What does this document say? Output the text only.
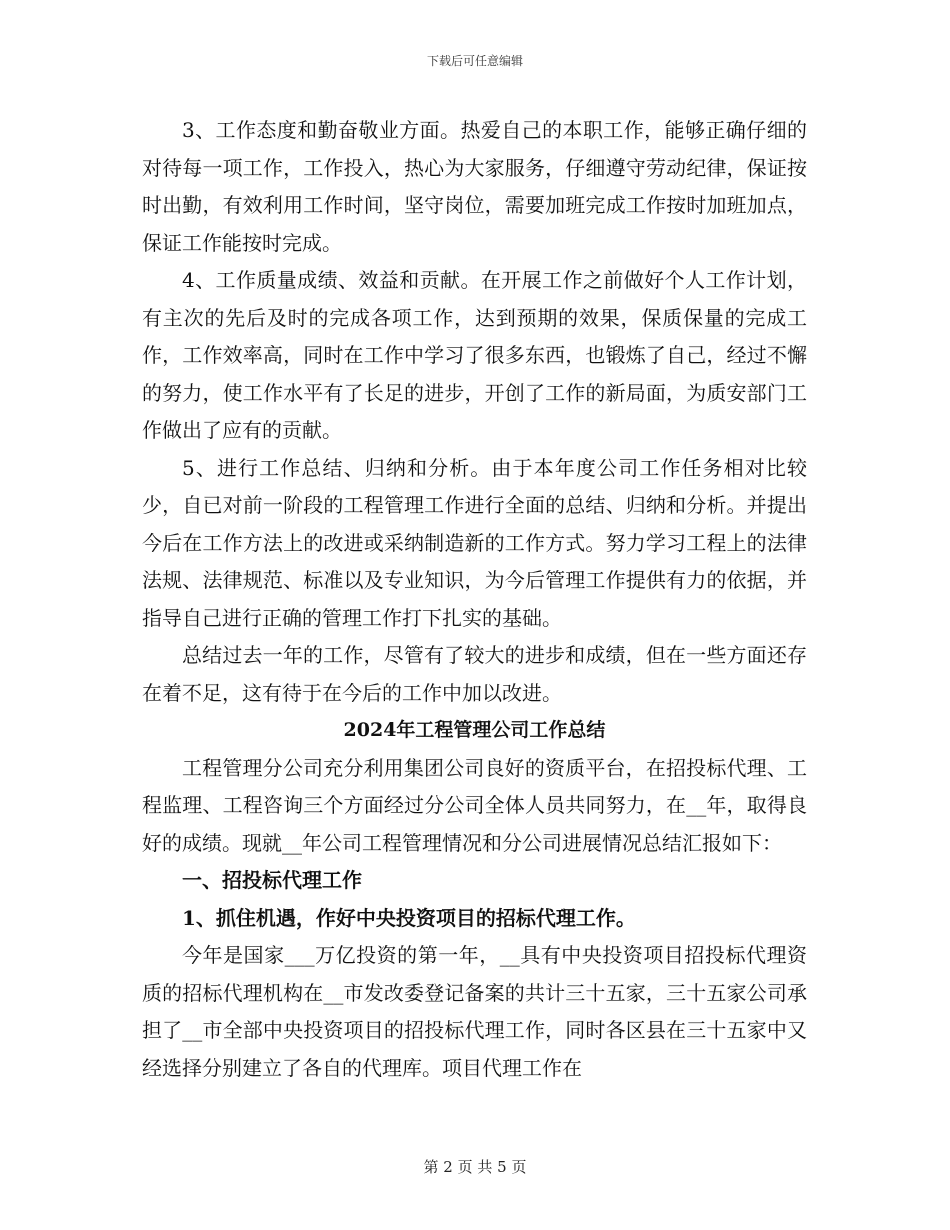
下载后可任意编辑

3、工作态度和勤奋敬业方面。热爱自己的本职工作，能够正确仔细的对待每一项工作，工作投入，热心为大家服务，仔细遵守劳动纪律，保证按时出勤，有效利用工作时间，坚守岗位，需要加班完成工作按时加班加点，保证工作能按时完成。

4、工作质量成绩、效益和贡献。在开展工作之前做好个人工作计划，有主次的先后及时的完成各项工作，达到预期的效果，保质保量的完成工作，工作效率高，同时在工作中学习了很多东西，也锻炼了自己，经过不懈的努力，使工作水平有了长足的进步，开创了工作的新局面，为质安部门工作做出了应有的贡献。

5、进行工作总结、归纳和分析。由于本年度公司工作任务相对比较少，自已对前一阶段的工程管理工作进行全面的总结、归纳和分析。并提出今后在工作方法上的改进或采纳制造新的工作方式。努力学习工程上的法律法规、法律规范、标准以及专业知识，为今后管理工作提供有力的依据，并指导自己进行正确的管理工作打下扎实的基础。

总结过去一年的工作，尽管有了较大的进步和成绩，但在一些方面还存在着不足，这有待于在今后的工作中加以改进。

2024年工程管理公司工作总结

工程管理分公司充分利用集团公司良好的资质平台，在招投标代理、工程监理、工程咨询三个方面经过分公司全体人员共同努力，在__年，取得良好的成绩。现就__年公司工程管理情况和分公司进展情况总结汇报如下：

一、招投标代理工作

1、抓住机遇，作好中央投资项目的招标代理工作。

今年是国家___万亿投资的第一年，__具有中央投资项目招投标代理资质的招标代理机构在__市发改委登记备案的共计三十五家，三十五家公司承担了__市全部中央投资项目的招投标代理工作，同时各区县在三十五家中又经选择分别建立了各自的代理库。项目代理工作在

第 2 页 共 5 页
